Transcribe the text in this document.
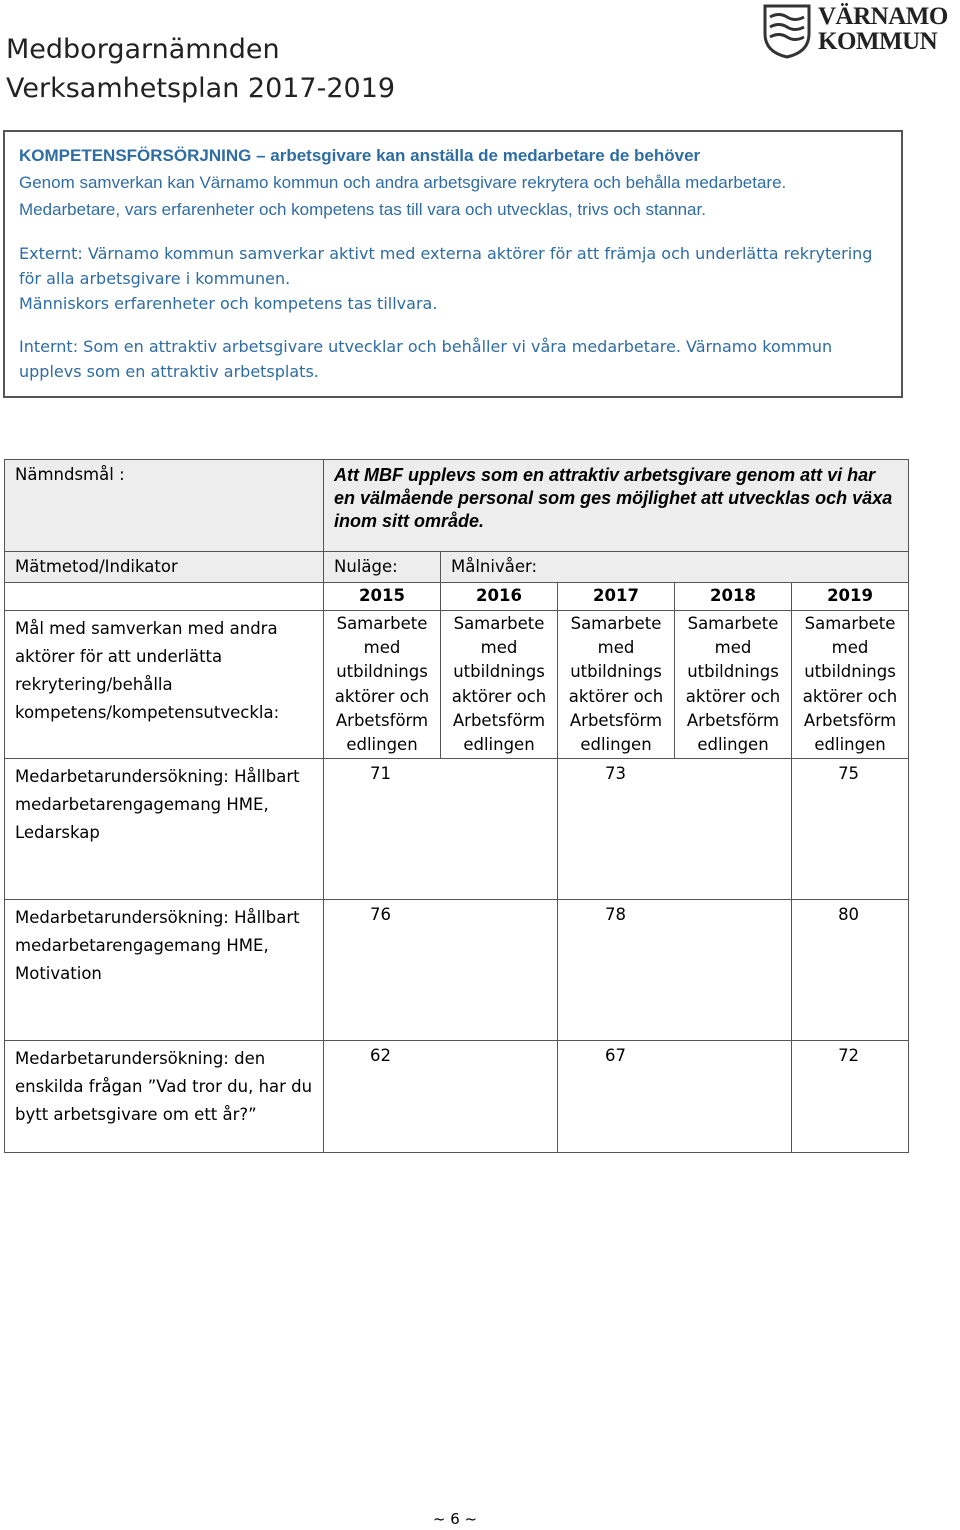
Medborgarnämnden
Verksamhetsplan 2017-2019
VÄRNAMO
KOMMUN

KOMPETENSFÖRSÖRJNING – arbetsgivare kan anställa de medarbetare de behöver

Genom samverkan kan Värnamo kommun och andra arbetsgivare rekrytera och behålla medarbetare.

Medarbetare, vars erfarenheter och kompetens tas till vara och utvecklas, trivs och stannar.

Externt: Värnamo kommun samverkar aktivt med externa aktörer för att främja och underlätta rekrytering för alla arbetsgivare i kommunen.

Människors erfarenheter och kompetens tas tillvara.

Internt: Som en attraktiv arbetsgivare utvecklar och behåller vi våra medarbetare. Värnamo kommun upplevs som en attraktiv arbetsplats.

Nämndsmål :	Att MBF upplevs som en attraktiv arbetsgivare genom att vi har en välmående personal som ges möjlighet att utvecklas och växa inom sitt område.				
Mätmetod/Indikator	Nuläge:	Målnivåer:			
	2015	2016	2017	2018	2019
Mål med samverkan med andra aktörer för att underlätta rekrytering/behålla kompetens/kompetensutveckla:	Samarbete med utbildnings aktörer och Arbetsförm edlingen	Samarbete med utbildnings aktörer och Arbetsförm edlingen	Samarbete med utbildnings aktörer och Arbetsförm edlingen	Samarbete med utbildnings aktörer och Arbetsförm edlingen	Samarbete med utbildnings aktörer och Arbetsförm edlingen
Medarbetarundersökning: Hållbart medarbetarengagemang HME, Ledarskap	71		73		75
Medarbetarundersökning: Hållbart medarbetarengagemang HME, Motivation	76		78		80
Medarbetarundersökning: den enskilda frågan ”Vad tror du, har du bytt arbetsgivare om ett år?”	62		67		72
~ 6 ~
